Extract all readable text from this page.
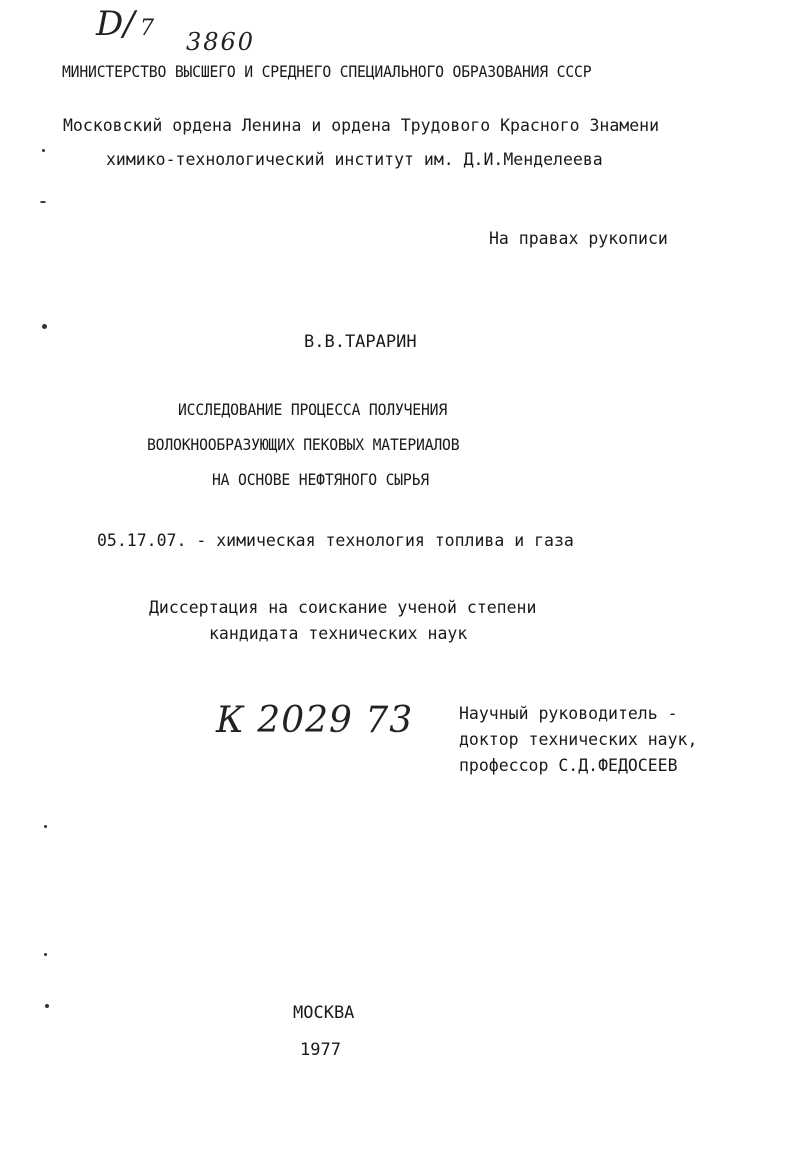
D/ 7 3860
МИНИСТЕРСТВО ВЫСШЕГО И СРЕДНЕГО СПЕЦИАЛЬНОГО ОБРАЗОВАНИЯ СССР
Московский ордена Ленина и ордена Трудового Красного Знамени
химико-технологический институт им. Д.И.Менделеева
На правах рукописи
В.В.ТАРАРИН
ИССЛЕДОВАНИЕ ПРОЦЕССА ПОЛУЧЕНИЯ
ВОЛОКНООБРАЗУЮЩИХ ПЕКОВЫХ МАТЕРИАЛОВ
НА ОСНОВЕ НЕФТЯНОГО СЫРЬЯ
05.17.07. - химическая технология топлива и газа
Диссертация на соискание ученой степени
кандидата технических наук
К 2029 73	Научный руководитель -
доктор технических наук,
профессор С.Д.ФЕДОСЕЕВ
МОСКВА
1977
